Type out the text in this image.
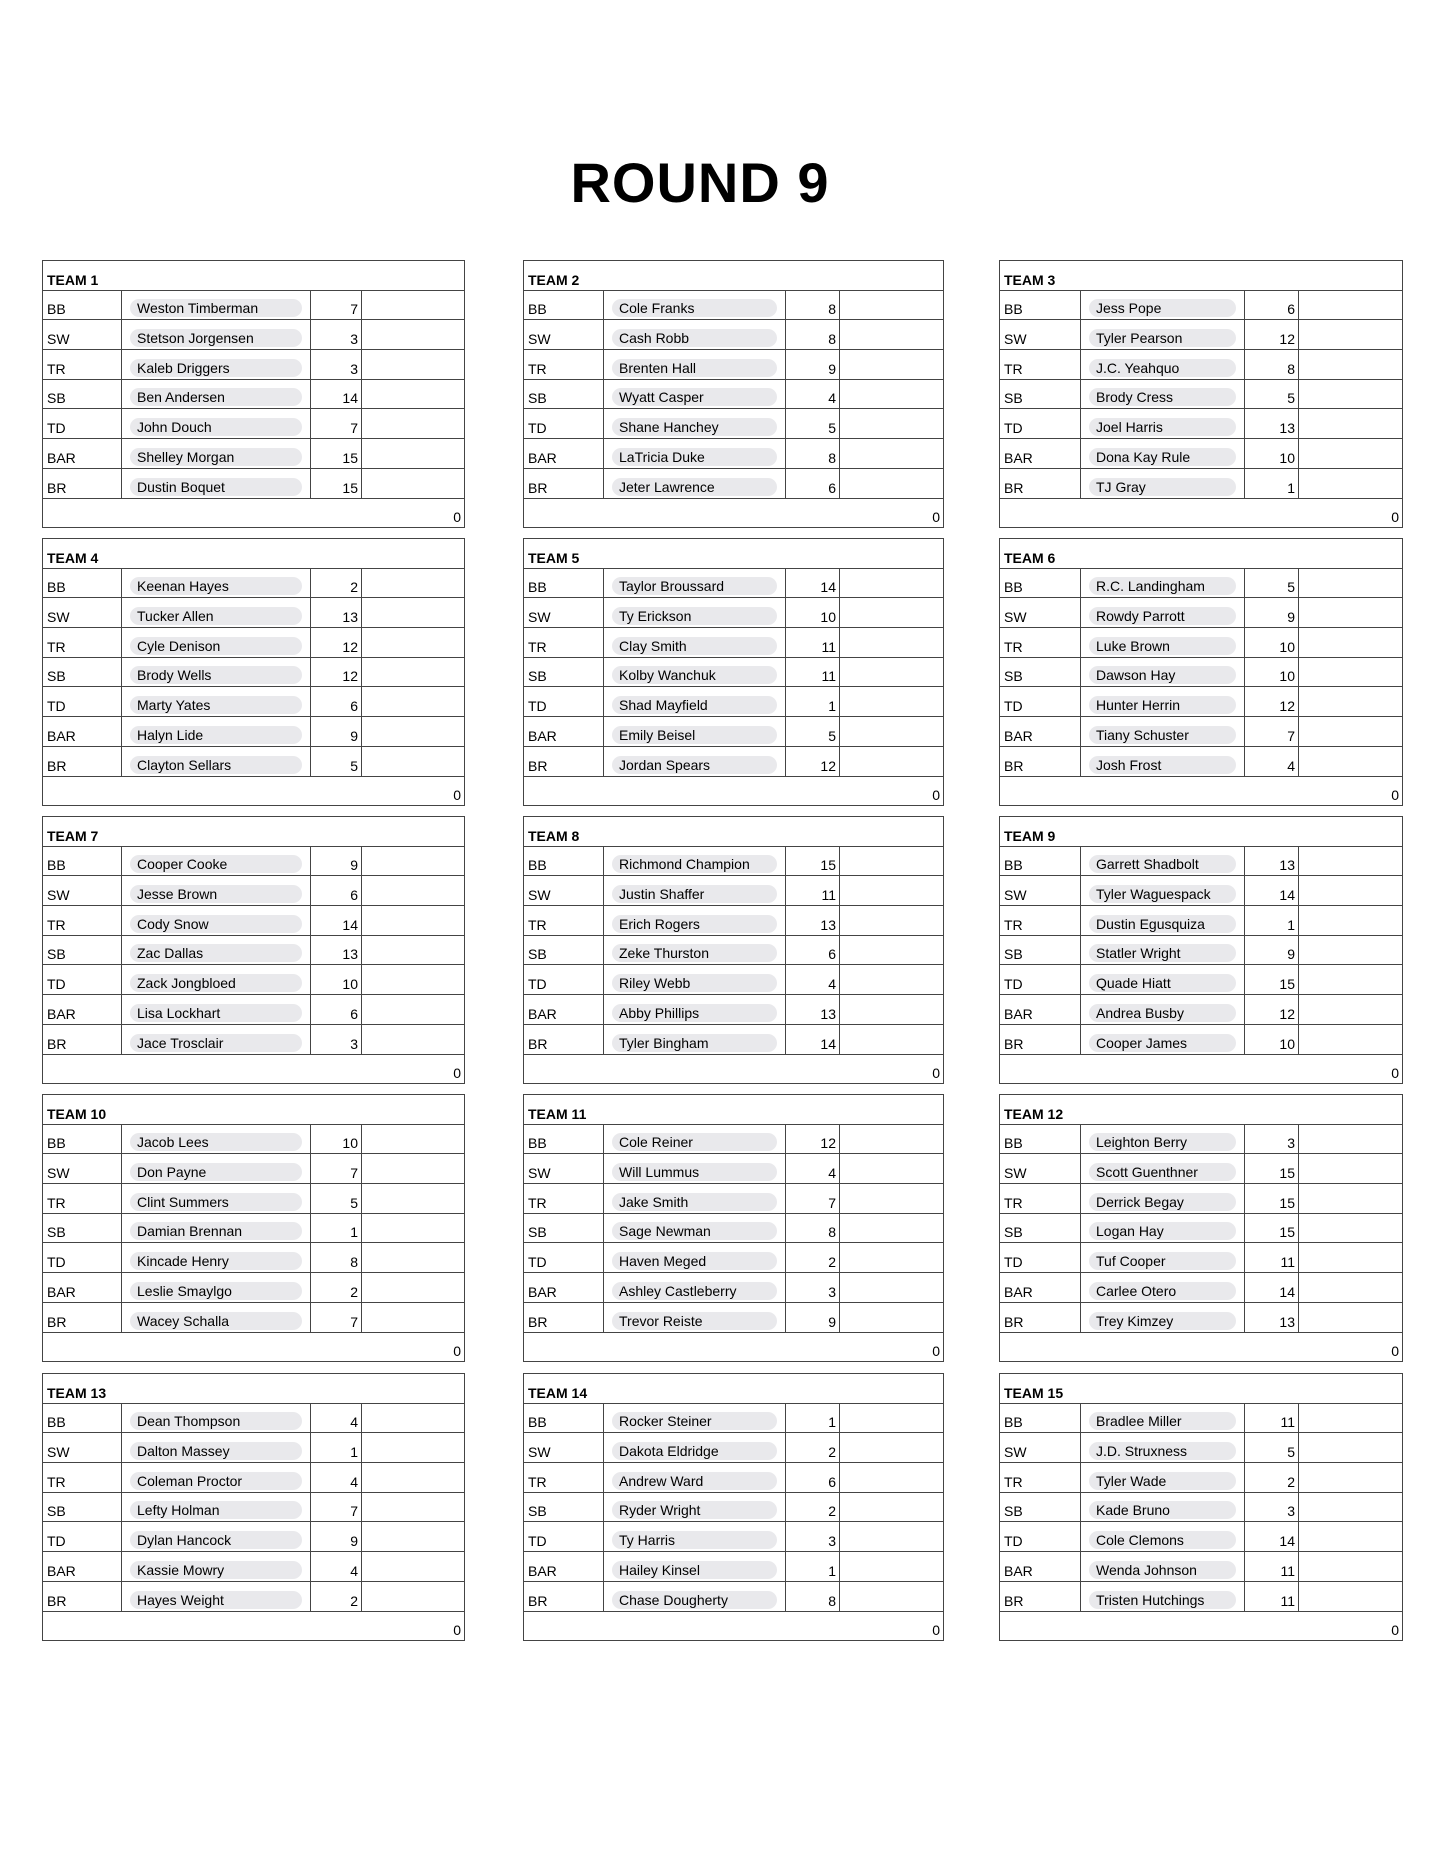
ROUND 9
TEAM 1			
BB	Weston Timberman	7	
SW	Stetson Jorgensen	3	
TR	Kaleb Driggers	3	
SB	Ben Andersen	14	
TD	John Douch	7	
BAR	Shelley Morgan	15	
BR	Dustin Boquet	15	
0			
TEAM 2			
BB	Cole Franks	8	
SW	Cash Robb	8	
TR	Brenten Hall	9	
SB	Wyatt Casper	4	
TD	Shane Hanchey	5	
BAR	LaTricia Duke	8	
BR	Jeter Lawrence	6	
0			
TEAM 3			
BB	Jess Pope	6	
SW	Tyler Pearson	12	
TR	J.C. Yeahquo	8	
SB	Brody Cress	5	
TD	Joel Harris	13	
BAR	Dona Kay Rule	10	
BR	TJ Gray	1	
0			
TEAM 4			
BB	Keenan Hayes	2	
SW	Tucker Allen	13	
TR	Cyle Denison	12	
SB	Brody Wells	12	
TD	Marty Yates	6	
BAR	Halyn Lide	9	
BR	Clayton Sellars	5	
0			
TEAM 5			
BB	Taylor Broussard	14	
SW	Ty Erickson	10	
TR	Clay Smith	11	
SB	Kolby Wanchuk	11	
TD	Shad Mayfield	1	
BAR	Emily Beisel	5	
BR	Jordan Spears	12	
0			
TEAM 6			
BB	R.C. Landingham	5	
SW	Rowdy Parrott	9	
TR	Luke Brown	10	
SB	Dawson Hay	10	
TD	Hunter Herrin	12	
BAR	Tiany Schuster	7	
BR	Josh Frost	4	
0			
TEAM 7			
BB	Cooper Cooke	9	
SW	Jesse Brown	6	
TR	Cody Snow	14	
SB	Zac Dallas	13	
TD	Zack Jongbloed	10	
BAR	Lisa Lockhart	6	
BR	Jace Trosclair	3	
0			
TEAM 8			
BB	Richmond Champion	15	
SW	Justin Shaffer	11	
TR	Erich Rogers	13	
SB	Zeke Thurston	6	
TD	Riley Webb	4	
BAR	Abby Phillips	13	
BR	Tyler Bingham	14	
0			
TEAM 9			
BB	Garrett Shadbolt	13	
SW	Tyler Waguespack	14	
TR	Dustin Egusquiza	1	
SB	Statler Wright	9	
TD	Quade Hiatt	15	
BAR	Andrea Busby	12	
BR	Cooper James	10	
0			
TEAM 10			
BB	Jacob Lees	10	
SW	Don Payne	7	
TR	Clint Summers	5	
SB	Damian Brennan	1	
TD	Kincade Henry	8	
BAR	Leslie Smaylgo	2	
BR	Wacey Schalla	7	
0			
TEAM 11			
BB	Cole Reiner	12	
SW	Will Lummus	4	
TR	Jake Smith	7	
SB	Sage Newman	8	
TD	Haven Meged	2	
BAR	Ashley Castleberry	3	
BR	Trevor Reiste	9	
0			
TEAM 12			
BB	Leighton Berry	3	
SW	Scott Guenthner	15	
TR	Derrick Begay	15	
SB	Logan Hay	15	
TD	Tuf Cooper	11	
BAR	Carlee Otero	14	
BR	Trey Kimzey	13	
0			
TEAM 13			
BB	Dean Thompson	4	
SW	Dalton Massey	1	
TR	Coleman Proctor	4	
SB	Lefty Holman	7	
TD	Dylan Hancock	9	
BAR	Kassie Mowry	4	
BR	Hayes Weight	2	
0			
TEAM 14			
BB	Rocker Steiner	1	
SW	Dakota Eldridge	2	
TR	Andrew Ward	6	
SB	Ryder Wright	2	
TD	Ty Harris	3	
BAR	Hailey Kinsel	1	
BR	Chase Dougherty	8	
0			
TEAM 15			
BB	Bradlee Miller	11	
SW	J.D. Struxness	5	
TR	Tyler Wade	2	
SB	Kade Bruno	3	
TD	Cole Clemons	14	
BAR	Wenda Johnson	11	
BR	Tristen Hutchings	11	
0			
